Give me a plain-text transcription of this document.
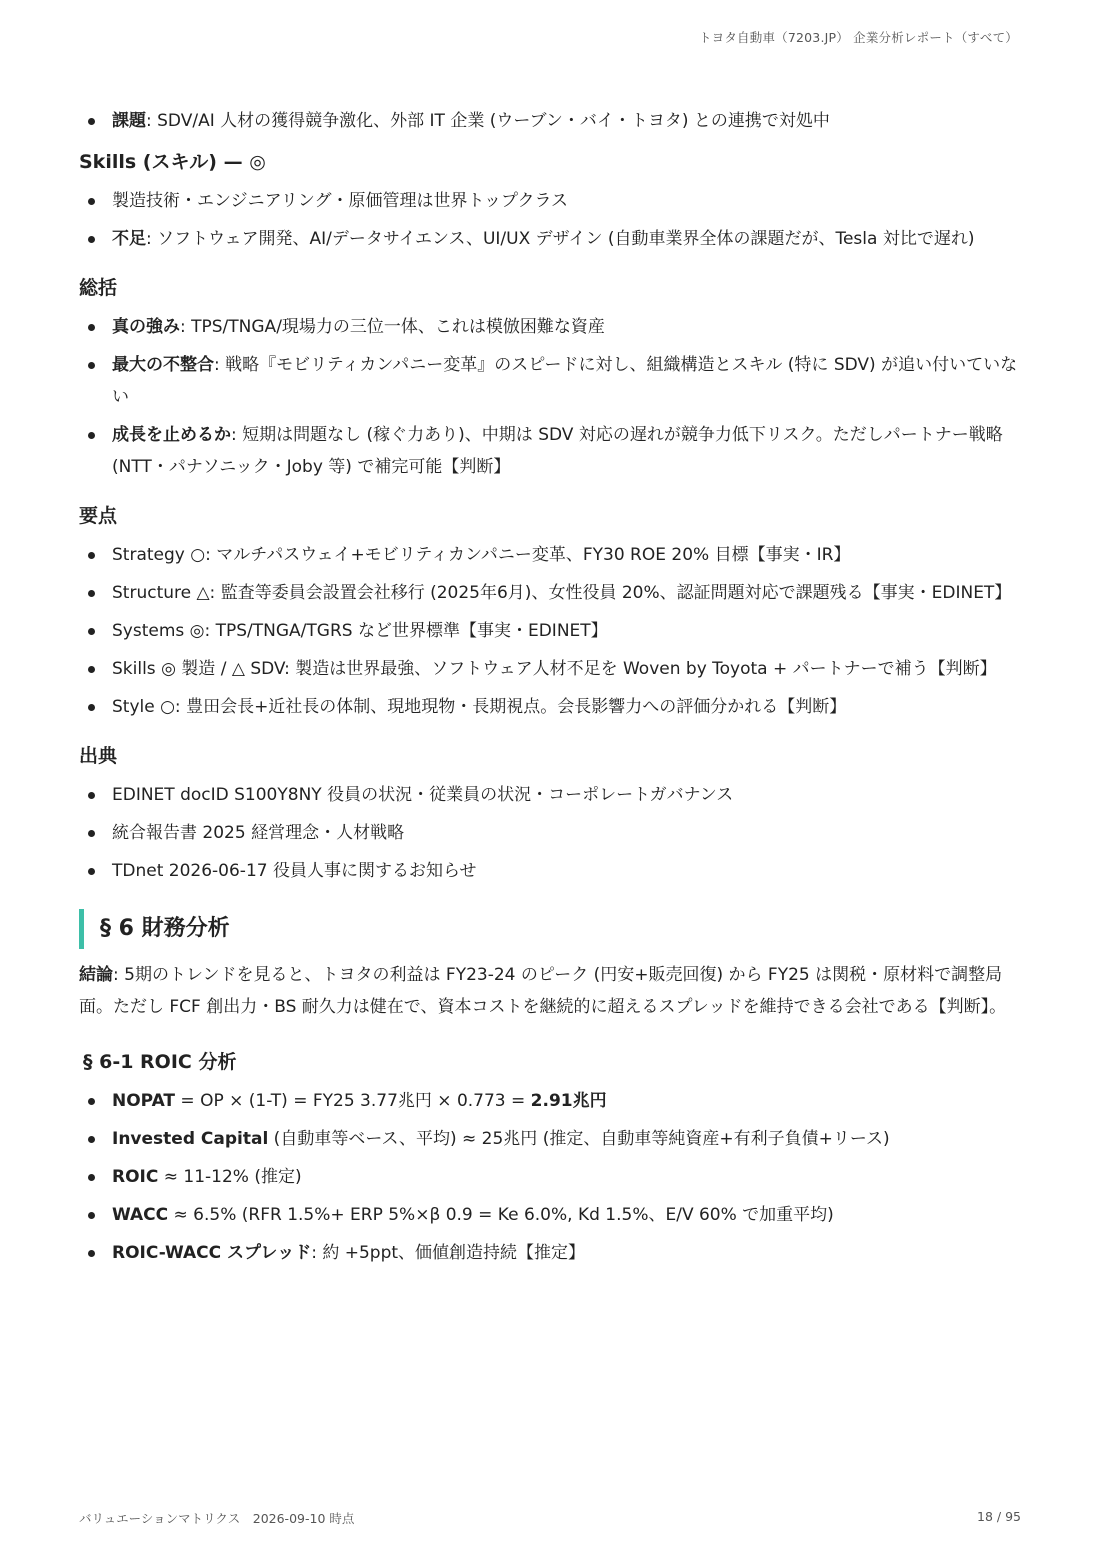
トヨタ自動車（7203.JP） 企業分析レポート（すべて）
課題: SDV/AI 人材の獲得競争激化、外部 IT 企業 (ウーブン・バイ・トヨタ) との連携で対処中
Skills (スキル) — ◎
製造技術・エンジニアリング・原価管理は世界トップクラス
不足: ソフトウェア開発、AI/データサイエンス、UI/UX デザイン (自動車業界全体の課題だが、Tesla 対比で遅れ)
総括
真の強み: TPS/TNGA/現場力の三位一体、これは模倣困難な資産
最大の不整合: 戦略『モビリティカンパニー変革』のスピードに対し、組織構造とスキル (特に SDV) が追い付いていない
成長を止めるか: 短期は問題なし (稼ぐ力あり)、中期は SDV 対応の遅れが競争力低下リスク。ただしパートナー戦略 (NTT・パナソニック・Joby 等) で補完可能【判断】
要点
Strategy ○: マルチパスウェイ+モビリティカンパニー変革、FY30 ROE 20% 目標【事実・IR】
Structure △: 監査等委員会設置会社移行 (2025年6月)、女性役員 20%、認証問題対応で課題残る【事実・EDINET】
Systems ◎: TPS/TNGA/TGRS など世界標準【事実・EDINET】
Skills ◎ 製造 / △ SDV: 製造は世界最強、ソフトウェア人材不足を Woven by Toyota + パートナーで補う【判断】
Style ○: 豊田会長+近社長の体制、現地現物・長期視点。会長影響力への評価分かれる【判断】
出典
EDINET docID S100Y8NY 役員の状況・従業員の状況・コーポレートガバナンス
統合報告書 2025 経営理念・人材戦略
TDnet 2026-06-17 役員人事に関するお知らせ
§ 6 財務分析

結論: 5期のトレンドを見ると、トヨタの利益は FY23-24 のピーク (円安+販売回復) から FY25 は関税・原材料で調整局面。ただし FCF 創出力・BS 耐久力は健在で、資本コストを継続的に超えるスプレッドを維持できる会社である【判断】。

§ 6-1 ROIC 分析
NOPAT = OP × (1-T) = FY25 3.77兆円 × 0.773 = 2.91兆円
Invested Capital (自動車等ベース、平均) ≈ 25兆円 (推定、自動車等純資産+有利子負債+リース)
ROIC ≈ 11-12% (推定)
WACC ≈ 6.5% (RFR 1.5%+ ERP 5%×β 0.9 = Ke 6.0%, Kd 1.5%、E/V 60% で加重平均)
ROIC-WACC スプレッド: 約 +5ppt、価値創造持続【推定】
バリュエーションマトリクス　2026-09-10 時点	18 / 95
